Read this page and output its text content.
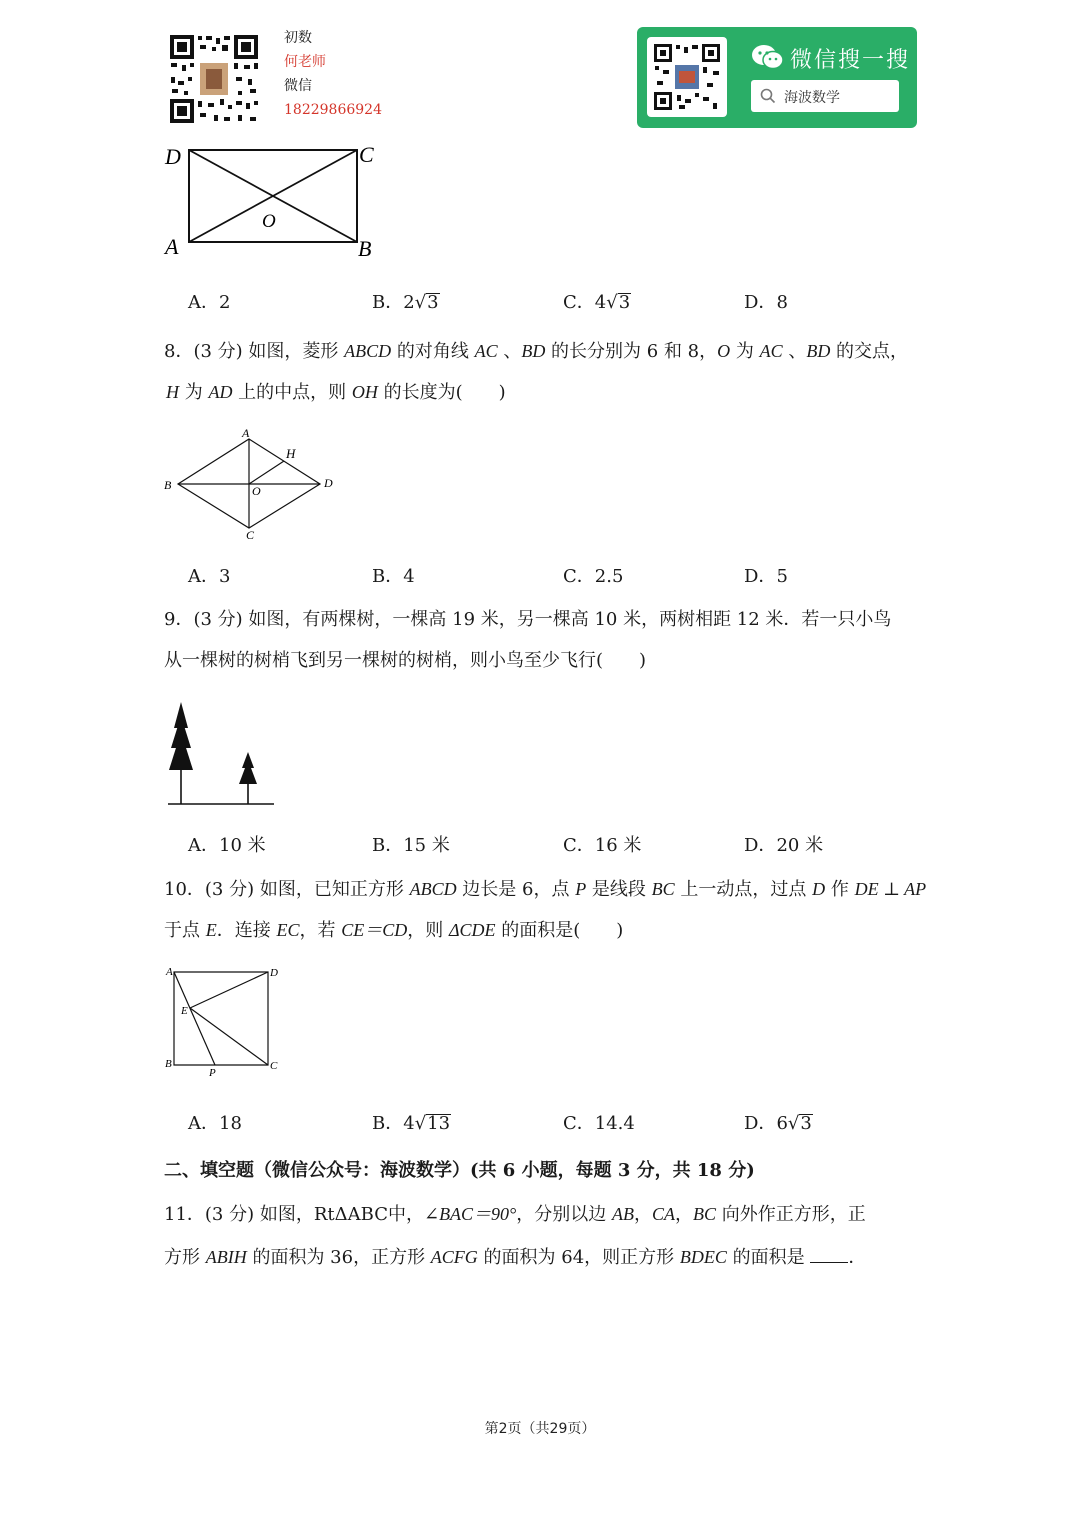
初数
何老师
微信
18229866924
微信搜一搜
海波数学
D	C
A	B
O
A．2	B．2√3	C．4√3	D．8
8．(3 分) 如图，菱形 ABCD 的对角线 AC 、BD 的长分别为 6 和 8，O 为 AC 、BD 的交点，
H 为 AD 上的中点，则 OH 的长度为(　　)
A
H
B	O
D
C
A．3	B．4	C．2.5	D．5
9．(3 分) 如图，有两棵树，一棵高 19 米，另一棵高 10 米，两树相距 12 米．若一只小鸟
从一棵树的树梢飞到另一棵树的树梢，则小鸟至少飞行(　　)
A．10 米	B．15 米	C．16 米	D．20 米
10．(3 分) 如图，已知正方形 ABCD 边长是 6，点 P 是线段 BC 上一动点，过点 D 作 DE ⊥ AP
于点 E．连接 EC，若 CE＝CD，则 ΔCDE 的面积是(　　)
A	D
E
B
P
C
A．18	B．4√13	C．14.4	D．6√3
二、填空题（微信公众号：海波数学）(共 6 小题，每题 3 分，共 18 分)
11．(3 分) 如图，RtΔABC中，∠BAC＝90°，分别以边 AB，CA，BC 向外作正方形，正
方形 ABIH 的面积为 36，正方形 ACFG 的面积为 64，则正方形 BDEC 的面积是 ．
第2页（共29页）
